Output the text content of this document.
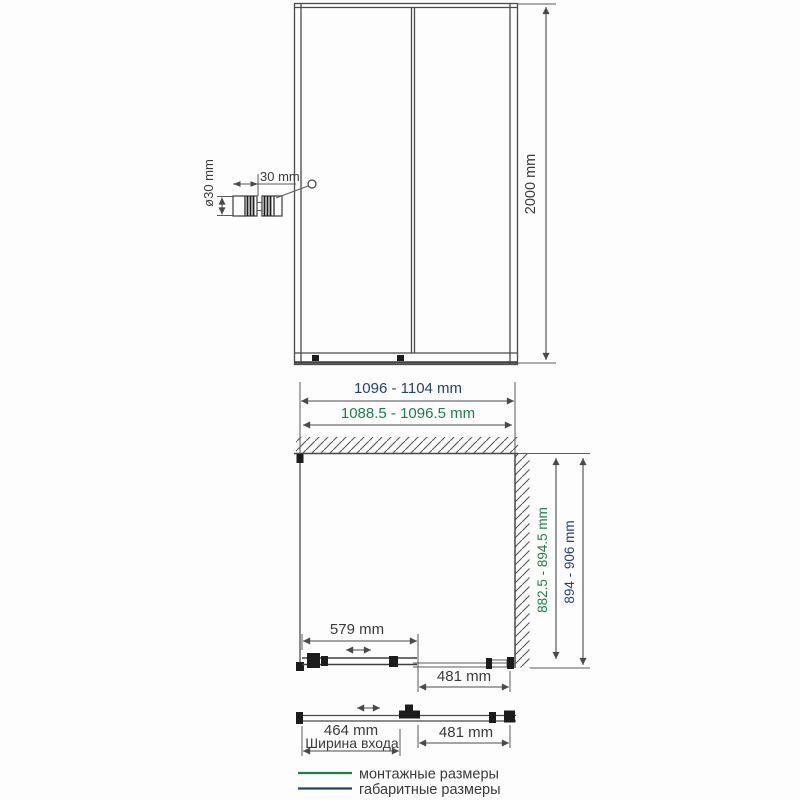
2000 mm
ø30 mm	30 mm
1096 - 1104 mm
1088.5 - 1096.5 mm
579 mm
481 mm
882.5 - 894.5 mm 894 - 906 mm
464 mm
Ширина входа
481 mm
монтажные размеры
габаритные размеры
